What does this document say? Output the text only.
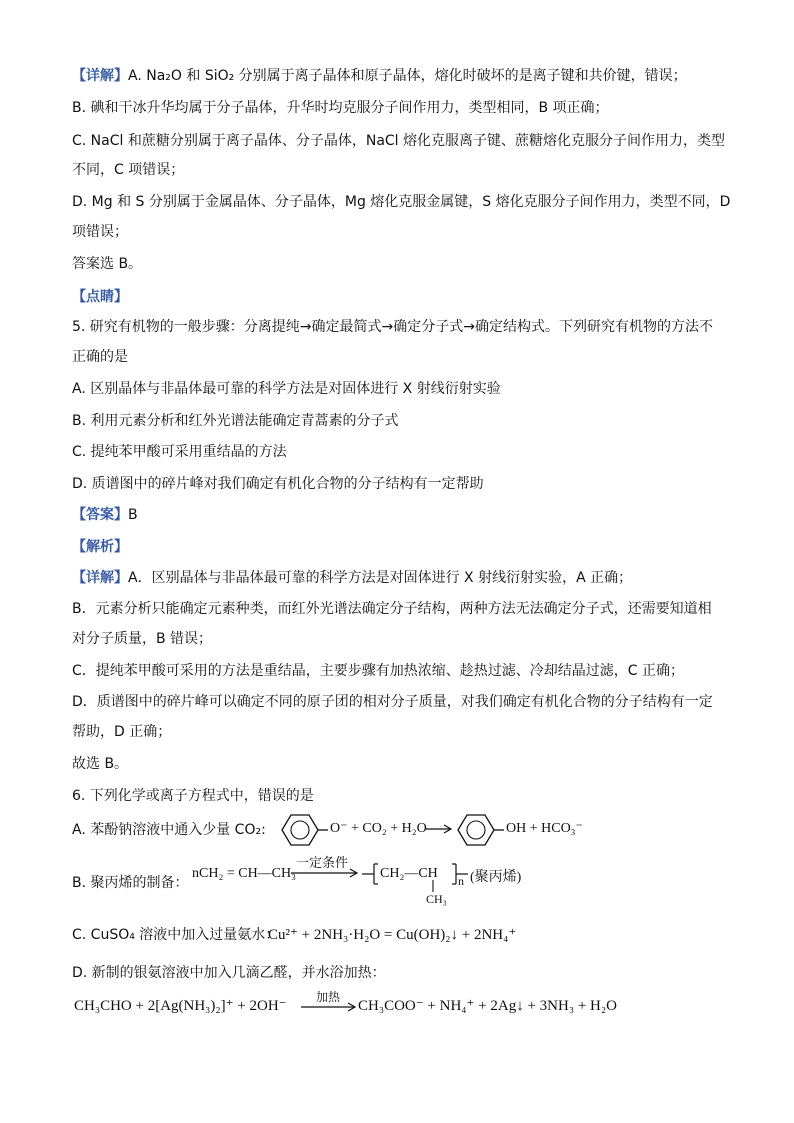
【详解】A. Na₂O 和 SiO₂ 分别属于离子晶体和原子晶体，熔化时破坏的是离子键和共价键，错误；
B. 碘和干冰升华均属于分子晶体，升华时均克服分子间作用力，类型相同，B 项正确；
C. NaCl 和蔗糖分别属于离子晶体、分子晶体，NaCl 熔化克服离子键、蔗糖熔化克服分子间作用力，类型
不同，C 项错误；
D. Mg 和 S 分别属于金属晶体、分子晶体，Mg 熔化克服金属键，S 熔化克服分子间作用力，类型不同，D
项错误；
答案选 B。
【点睛】
5. 研究有机物的一般步骤：分离提纯→确定最简式→确定分子式→确定结构式。下列研究有机物的方法不
正确的是
A. 区别晶体与非晶体最可靠的科学方法是对固体进行 X 射线衍射实验
B. 利用元素分析和红外光谱法能确定青蒿素的分子式
C. 提纯苯甲酸可采用重结晶的方法
D. 质谱图中的碎片峰对我们确定有机化合物的分子结构有一定帮助
【答案】B
【解析】
【详解】A．区别晶体与非晶体最可靠的科学方法是对固体进行 X 射线衍射实验，A 正确；
B．元素分析只能确定元素种类，而红外光谱法确定分子结构，两种方法无法确定分子式，还需要知道相
对分子质量，B 错误；
C．提纯苯甲酸可采用的方法是重结晶，主要步骤有加热浓缩、趁热过滤、冷却结晶过滤，C 正确；
D．质谱图中的碎片峰可以确定不同的原子团的相对分子质量，对我们确定有机化合物的分子结构有一定
帮助，D 正确；
故选 B。
6. 下列化学或离子方程式中，错误的是
A. 苯酚钠溶液中通入少量 CO₂:	O⁻ + CO₂ + H₂O	OH + HCO₃⁻
B. 聚丙烯的制备：
nCH₂ = CH—CH₃
一定条件
CH₂—CH
CH₃
n (聚丙烯)
C. CuSO₄ 溶液中加入过量氨水：
Cu²⁺ + 2NH₃·H₂O = Cu(OH)₂↓ + 2NH₄⁺
D. 新制的银氨溶液中加入几滴乙醛，并水浴加热：
CH₃CHO + 2[Ag(NH₃)₂]⁺ + 2OH⁻
加热
→ CH₃COO⁻ + NH₄⁺ + 2Ag↓ + 3NH₃ + H₂O
